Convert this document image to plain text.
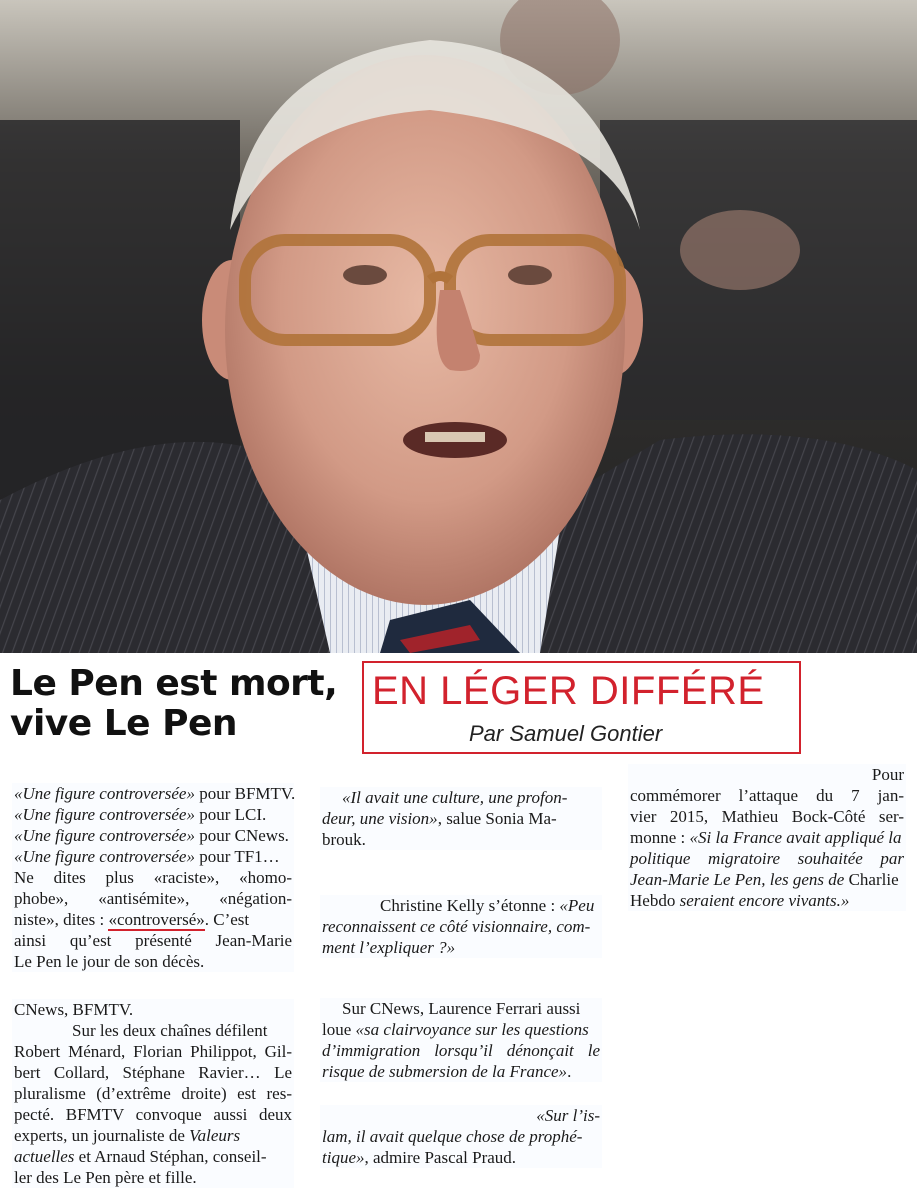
Le Pen est mort,
vive Le Pen
EN LÉGER DIFFÉRÉ
Par Samuel Gontier
«Une figure controversée» pour BFMTV.
«Une figure controversée» pour LCI.
«Une figure controversée» pour CNews.
«Une figure controversée» pour TF1…
Ne dites plus «raciste», «homo-
phobe», «antisémite», «négation-
niste», dites : «controversé». C’est
ainsi qu’est présenté Jean-Marie
Le Pen le jour de son décès.
CNews, BFMTV.
Sur les deux chaînes défilent
Robert Ménard, Florian Philippot, Gil-
bert Collard, Stéphane Ravier… Le
pluralisme (d’extrême droite) est res-
pecté. BFMTV convoque aussi deux
experts, un journaliste de Valeurs
actuelles et Arnaud Stéphan, conseil-
ler des Le Pen père et fille.
«Il avait une culture, une profon-
deur, une vision», salue Sonia Ma-
brouk.
Christine Kelly s’étonne : «Peu
reconnaissent ce côté visionnaire, com-
ment l’expliquer ?»
Sur CNews, Laurence Ferrari aussi
loue «sa clairvoyance sur les questions
d’immigration lorsqu’il dénonçait le
risque de submersion de la France».
«Sur l’is-
lam, il avait quelque chose de prophé-
tique», admire Pascal Praud.
Pour
commémorer l’attaque du 7 jan-
vier 2015, Mathieu Bock-Côté ser-
monne : «Si la France avait appliqué la
politique migratoire souhaitée par
Jean-Marie Le Pen, les gens de Charlie
Hebdo seraient encore vivants.»
